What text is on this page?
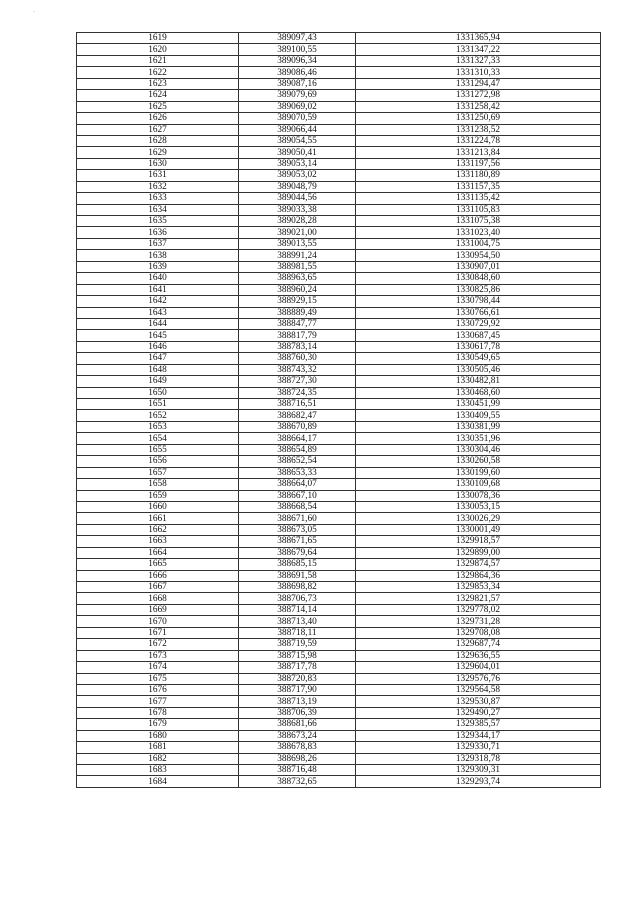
-
1619	389097,43	1331365,94
1620	389100,55	1331347,22
1621	389096,34	1331327,33
1622	389086,46	1331310,33
1623	389087,16	1331294,47
1624	389079,69	1331272,98
1625	389069,02	1331258,42
1626	389070,59	1331250,69
1627	389066,44	1331238,52
1628	389054,55	1331224,78
1629	389050,41	1331213,84
1630	389053,14	1331197,56
1631	389053,02	1331180,89
1632	389048,79	1331157,35
1633	389044,56	1331135,42
1634	389033,38	1331105,83
1635	389028,28	1331075,38
1636	389021,00	1331023,40
1637	389013,55	1331004,75
1638	388991,24	1330954,50
1639	388981,55	1330907,01
1640	388963,65	1330848,60
1641	388960,24	1330825,86
1642	388929,15	1330798,44
1643	388889,49	1330766,61
1644	388847,77	1330729,92
1645	388817,79	1330687,45
1646	388783,14	1330617,78
1647	388760,30	1330549,65
1648	388743,32	1330505,46
1649	388727,30	1330482,81
1650	388724,35	1330468,60
1651	388716,51	1330451,99
1652	388682,47	1330409,55
1653	388670,89	1330381,99
1654	388664,17	1330351,96
1655	388654,89	1330304,46
1656	388652,54	1330260,58
1657	388653,33	1330199,60
1658	388664,07	1330109,68
1659	388667,10	1330078,36
1660	388668,54	1330053,15
1661	388671,60	1330026,29
1662	388673,05	1330001,49
1663	388671,65	1329918,57
1664	388679,64	1329899,00
1665	388685,15	1329874,57
1666	388691,58	1329864,36
1667	388698,82	1329853,34
1668	388706,73	1329821,57
1669	388714,14	1329778,02
1670	388713,40	1329731,28
1671	388718,11	1329708,08
1672	388719,59	1329687,74
1673	388715,98	1329636,55
1674	388717,78	1329604,01
1675	388720,83	1329576,76
1676	388717,90	1329564,58
1677	388713,19	1329530,87
1678	388706,39	1329490,27
1679	388681,66	1329385,57
1680	388673,24	1329344,17
1681	388678,83	1329330,71
1682	388698,26	1329318,78
1683	388716,48	1329309,31
1684	388732,65	1329293,74
